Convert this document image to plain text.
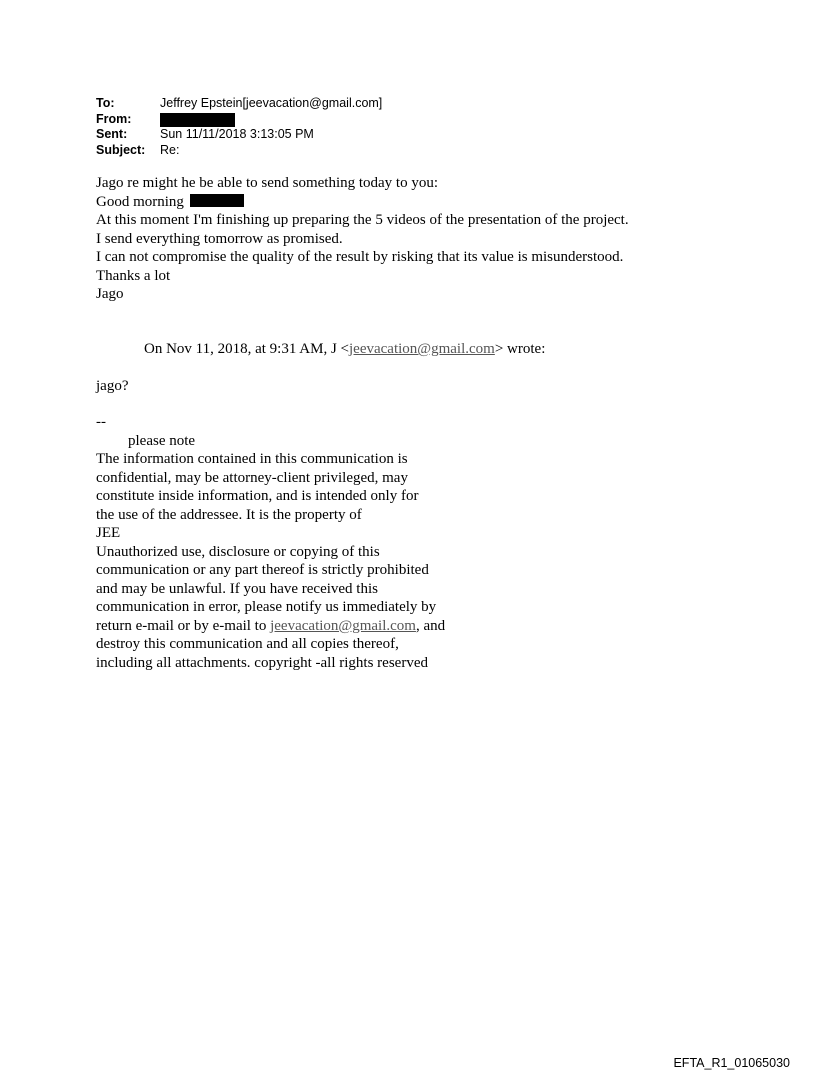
To:	Jeffrey Epstein[jeevacation@gmail.com]
From:
Sent:	Sun 11/11/2018 3:13:05 PM
Subject:	Re:
Jago re might he be able to send something today to you:
Good morning
At this moment I'm finishing up preparing the 5 videos of the presentation of the project.
I send everything tomorrow as promised.
I can not compromise the quality of the result by risking that its value is misunderstood.
Thanks a lot
Jago
On Nov 11, 2018, at 9:31 AM, J <jeevacation@gmail.com> wrote:
jago?
--
please note
The information contained in this communication is
confidential, may be attorney-client privileged, may
constitute inside information, and is intended only for
the use of the addressee. It is the property of
JEE
Unauthorized use, disclosure or copying of this
communication or any part thereof is strictly prohibited
and may be unlawful. If you have received this
communication in error, please notify us immediately by
return e-mail or by e-mail to jeevacation@gmail.com, and
destroy this communication and all copies thereof,
including all attachments. copyright -all rights reserved
EFTA_R1_01065030
